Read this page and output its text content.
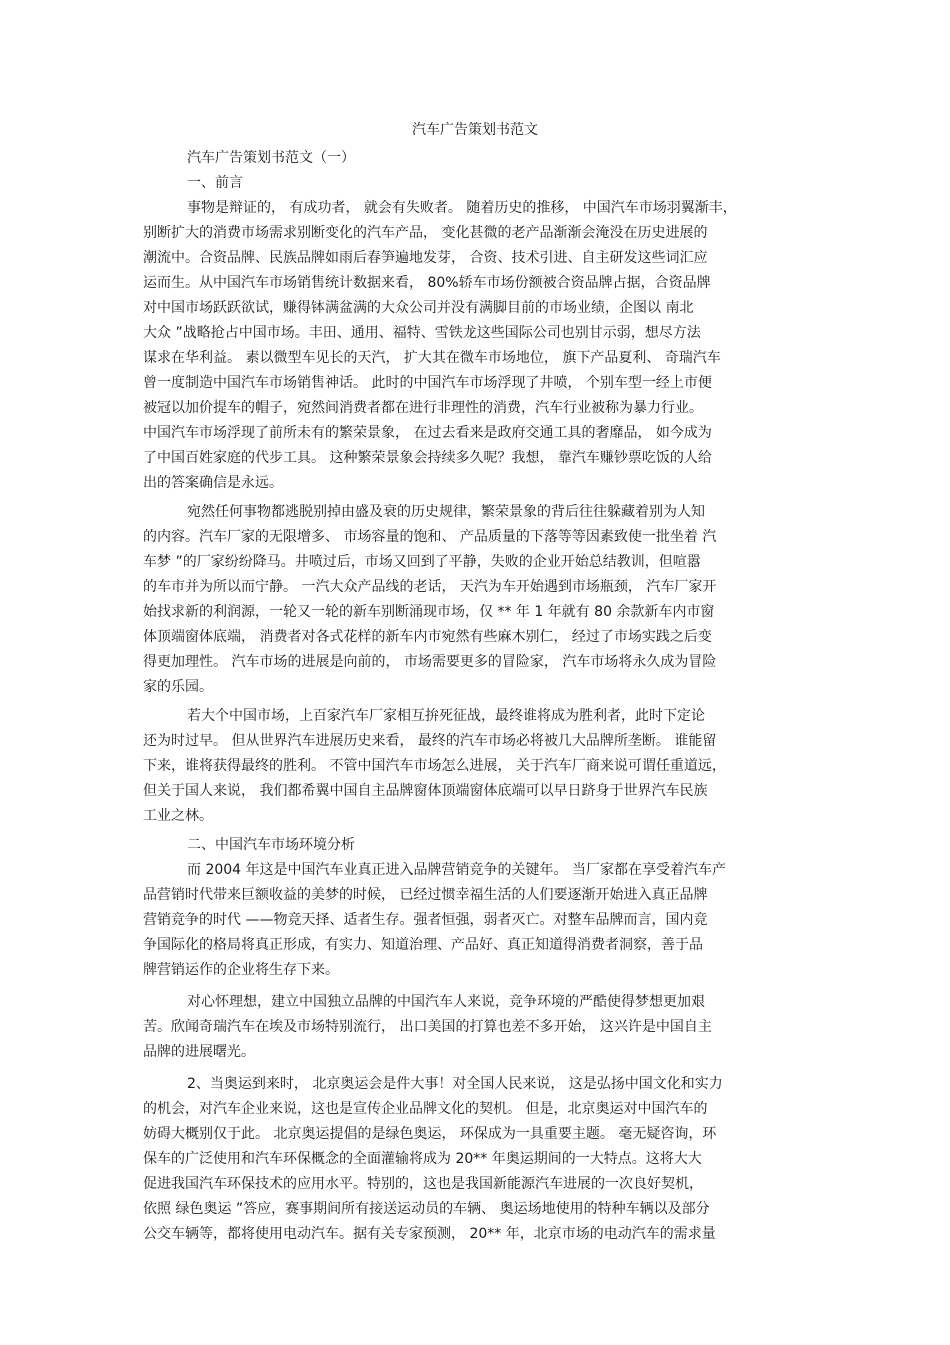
汽车广告策划书范文
汽车广告策划书范文（一）
一、前言
事物是辩证的， 有成功者， 就会有失败者。 随着历史的推移， 中国汽车市场羽翼渐丰，
别断扩大的消费市场需求别断变化的汽车产品， 变化甚微的老产品渐渐会淹没在历史进展的
潮流中。合资品牌、民族品牌如雨后春笋遍地发芽， 合资、技术引进、自主研发这些词汇应
运而生。从中国汽车市场销售统计数据来看， 80%轿车市场份额被合资品牌占据，合资品牌
对中国市场跃跃欲试，赚得钵满盆满的大众公司并没有满脚目前的市场业绩，企图以 南北
大众 ”战略抢占中国市场。丰田、通用、福特、雪铁龙这些国际公司也别甘示弱，想尽方法
谋求在华利益。 素以微型车见长的天汽， 扩大其在微车市场地位， 旗下产品夏利、 奇瑞汽车
曾一度制造中国汽车市场销售神话。 此时的中国汽车市场浮现了井喷， 个别车型一经上市便
被冠以加价提车的帽子，宛然间消费者都在进行非理性的消费，汽车行业被称为暴力行业。
中国汽车市场浮现了前所未有的繁荣景象， 在过去看来是政府交通工具的奢靡品， 如今成为
了中国百姓家庭的代步工具。 这种繁荣景象会持续多久呢？我想， 靠汽车赚钞票吃饭的人给
出的答案确信是永远。
宛然任何事物都逃脱别掉由盛及衰的历史规律，繁荣景象的背后往往躲藏着别为人知
的内容。汽车厂家的无限增多、 市场容量的饱和、 产品质量的下落等等因素致使一批坐着 汽
车梦 ”的厂家纷纷降马。井喷过后，市场又回到了平静，失败的企业开始总结教训，但喧嚣
的车市并为所以而宁静。 一汽大众产品线的老话， 天汽为车开始遇到市场瓶颈， 汽车厂家开
始找求新的利润源，一轮又一轮的新车别断涌现市场，仅 ** 年 1 年就有 80 余款新车内市窗
体顶端窗体底端， 消费者对各式花样的新车内市宛然有些麻木别仁， 经过了市场实践之后变
得更加理性。 汽车市场的进展是向前的， 市场需要更多的冒险家， 汽车市场将永久成为冒险
家的乐园。
若大个中国市场，上百家汽车厂家相互拚死征战，最终谁将成为胜利者，此时下定论
还为时过早。 但从世界汽车进展历史来看， 最终的汽车市场必将被几大品牌所垄断。 谁能留
下来，谁将获得最终的胜利。 不管中国汽车市场怎么进展， 关于汽车厂商来说可谓任重道远，
但关于国人来说， 我们都希翼中国自主品牌窗体顶端窗体底端可以早日跻身于世界汽车民族
工业之林。
二、中国汽车市场环境分析
而 2004 年这是中国汽车业真正进入品牌营销竞争的关键年。 当厂家都在享受着汽车产
品营销时代带来巨额收益的美梦的时候， 已经过惯幸福生活的人们要逐渐开始进入真正品牌
营销竞争的时代 ——物竞天择、适者生存。强者恒强，弱者灭亡。对整车品牌而言，国内竞
争国际化的格局将真正形成，有实力、知道治理、产品好、真正知道得消费者洞察，善于品
牌营销运作的企业将生存下来。
对心怀理想，建立中国独立品牌的中国汽车人来说，竞争环境的严酷使得梦想更加艰
苦。欣闻奇瑞汽车在埃及市场特别流行， 出口美国的打算也差不多开始， 这兴许是中国自主
品牌的进展曙光。
2、当奥运到来时， 北京奥运会是件大事！对全国人民来说， 这是弘扬中国文化和实力
的机会，对汽车企业来说，这也是宣传企业品牌文化的契机。 但是，北京奥运对中国汽车的
妨碍大概别仅于此。 北京奥运提倡的是绿色奥运， 环保成为一具重要主题。 毫无疑咨询，环
保车的广泛使用和汽车环保概念的全面灌输将成为 20** 年奥运期间的一大特点。这将大大
促进我国汽车环保技术的应用水平。特别的，这也是我国新能源汽车进展的一次良好契机，
依照 绿色奥运 ”答应，赛事期间所有接送运动员的车辆、 奥运场地使用的特种车辆以及部分
公交车辆等，都将使用电动汽车。据有关专家预测， 20** 年，北京市场的电动汽车的需求量
